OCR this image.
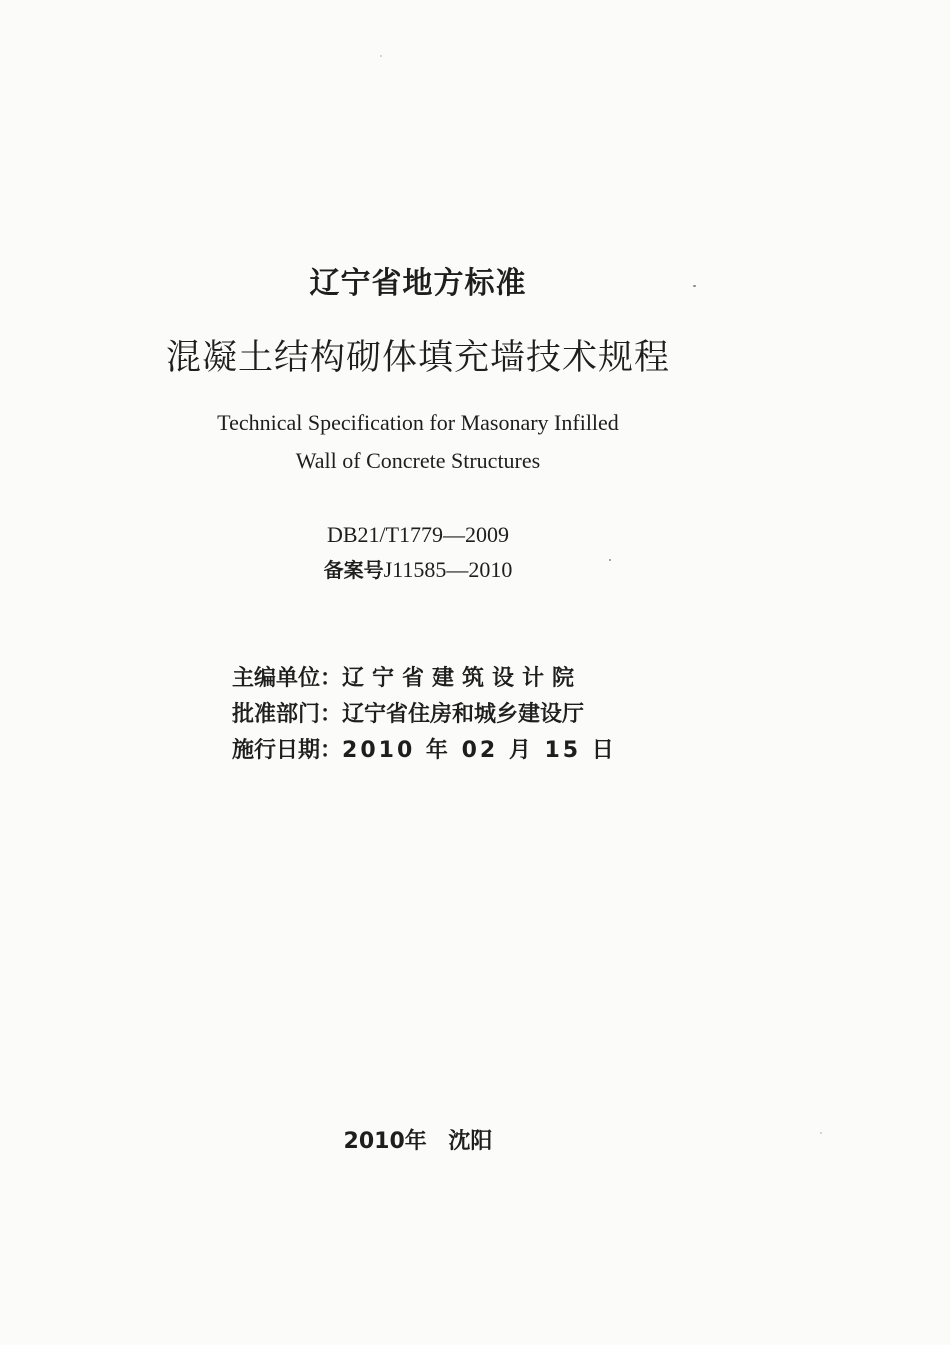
辽宁省地方标准
混凝土结构砌体填充墙技术规程
Technical Specification for Masonary Infilled
Wall of Concrete Structures
DB21/T1779—2009
备案号J11585—2010
主编单位：辽宁省建筑设计院
批准部门：辽宁省住房和城乡建设厅
施行日期：2010 年 02 月 15 日
2010年 沈阳
